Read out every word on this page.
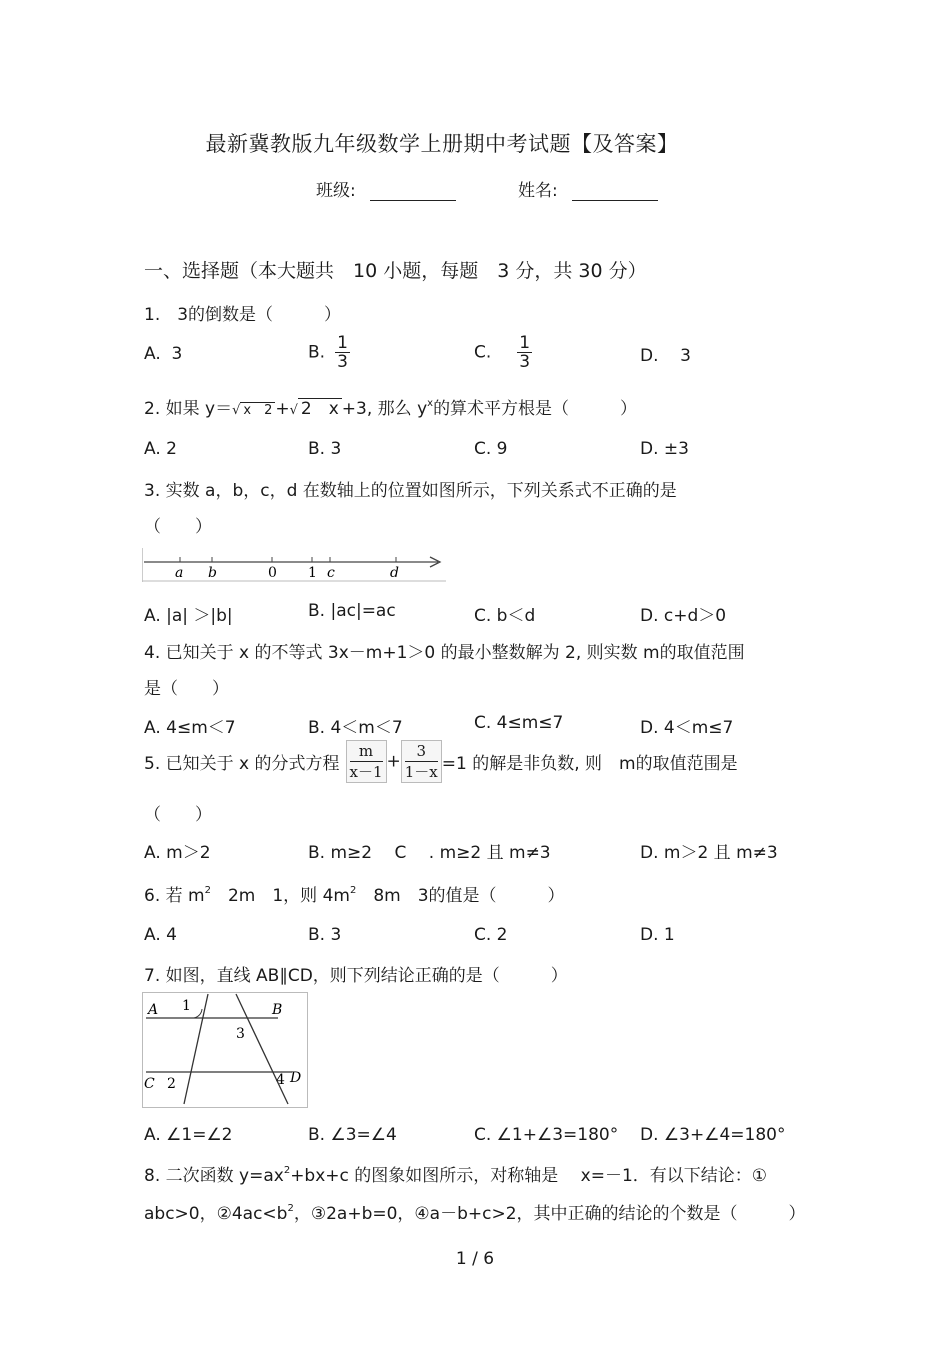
最新冀教版九年级数学上册期中考试题【及答案】
班级:	姓名:
一、选择题（本大题共　10 小题，每题　3 分，共 30 分）
1.　3的倒数是（　　　）
A. 3	B. $\frac{1}{3}$	C. $\frac{1}{3}$	D. 3
2. 如果 y＝√ x　2 +√ 2　x +3, 那么 $y^x$的算术平方根是（　　　）
A. 2	B. 3	C. 9	D. ±3
3. 实数 a，b，c，d 在数轴上的位置如图所示，下列关系式不正确的是
（　　）
a b	0 1 c	d
A. |a| ＞|b|	B. |ac|=ac	C. b＜d	D. c+d＞0
4. 已知关于 x 的不等式 3x－m+1＞0 的最小整数解为 2, 则实数 m的取值范围
是（　　）
A. 4≤m＜7	B. 4＜m＜7	C. 4≤m≤7	D. 4＜m≤7
5. 已知关于 x 的分式方程 $\frac{m}{x-1} + \frac{3}{1-x} =1$ 的解是非负数, 则　m的取值范围是
（　　）
A. m＞2	B. m≥2　 C　 . m≥2 且 m≠3	D. m＞2 且 m≠3
6. 若 $m^2$　2m　1，则 $4m^2$　8m　3的值是（　　　）
A. 4	B. 3	C. 2	D. 1
7. 如图，直线 AB∥CD，则下列结论正确的是（　　　）
A 1	B
3
C 2	4 D
A. ∠1=∠2	B. ∠3=∠4	C. ∠1+∠3=180° D. ∠3+∠4=180°
8. 二次函数 $y=ax^2+bx+c$ 的图象如图所示，对称轴是　 x=－1．有以下结论：①
abc>0，$②4ac<b^2$，③2a+b=0，④a－b+c>2，其中正确的结论的个数是（　　　）
1 / 6
